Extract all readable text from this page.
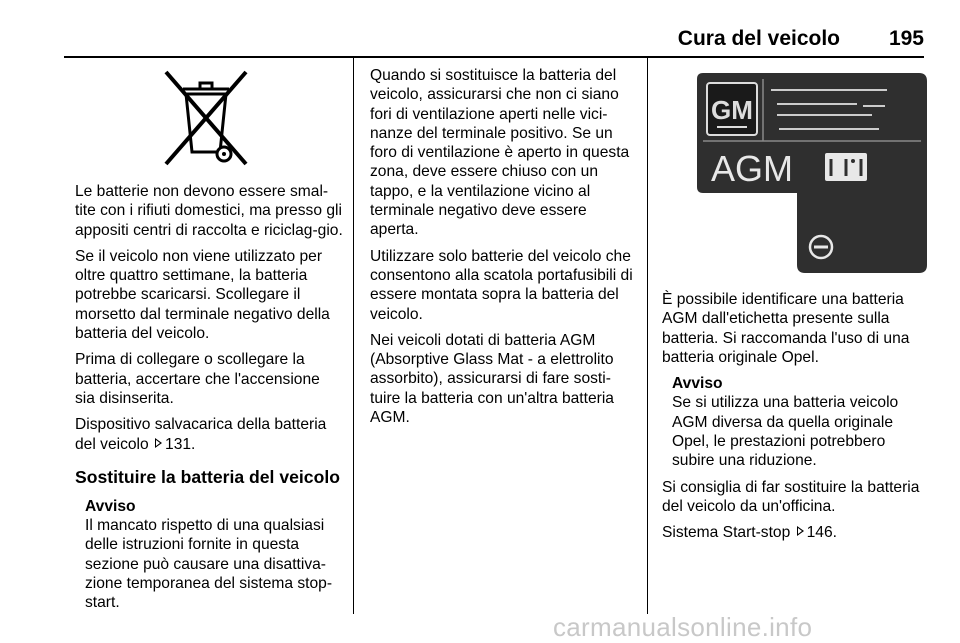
Cura del veicolo 195

Le batterie non devono essere smal-tite con i rifiuti domestici, ma presso gli appositi centri di raccolta e riciclag-gio.

Se il veicolo non viene utilizzato per oltre quattro settimane, la batteria potrebbe scaricarsi. Scollegare il morsetto dal terminale negativo della batteria del veicolo.

Prima di collegare o scollegare la batteria, accertare che l'accensione sia disinserita.

Dispositivo salvacarica della batteria del veicolo 131.

Sostituire la batteria del veicolo

Avviso

Il mancato rispetto di una qualsiasi delle istruzioni fornite in questa sezione può causare una disattiva-zione temporanea del sistema stop-start.

Quando si sostituisce la batteria del veicolo, assicurarsi che non ci siano fori di ventilazione aperti nelle vici-nanze del terminale positivo. Se un foro di ventilazione è aperto in questa zona, deve essere chiuso con un tappo, e la ventilazione vicino al terminale negativo deve essere aperta.

Utilizzare solo batterie del veicolo che consentono alla scatola portafusibili di essere montata sopra la batteria del veicolo.

Nei veicoli dotati di batteria AGM (Absorptive Glass Mat - a elettrolito assorbito), assicurarsi di fare sosti-tuire la batteria con un'altra batteria AGM.

GM
AGM

È possibile identificare una batteria AGM dall'etichetta presente sulla batteria. Si raccomanda l'uso di una batteria originale Opel.

Avviso

Se si utilizza una batteria veicolo AGM diversa da quella originale Opel, le prestazioni potrebbero subire una riduzione.

Si consiglia di far sostituire la batteria del veicolo da un'officina.

Sistema Start-stop 146.

carmanualsonline.info
